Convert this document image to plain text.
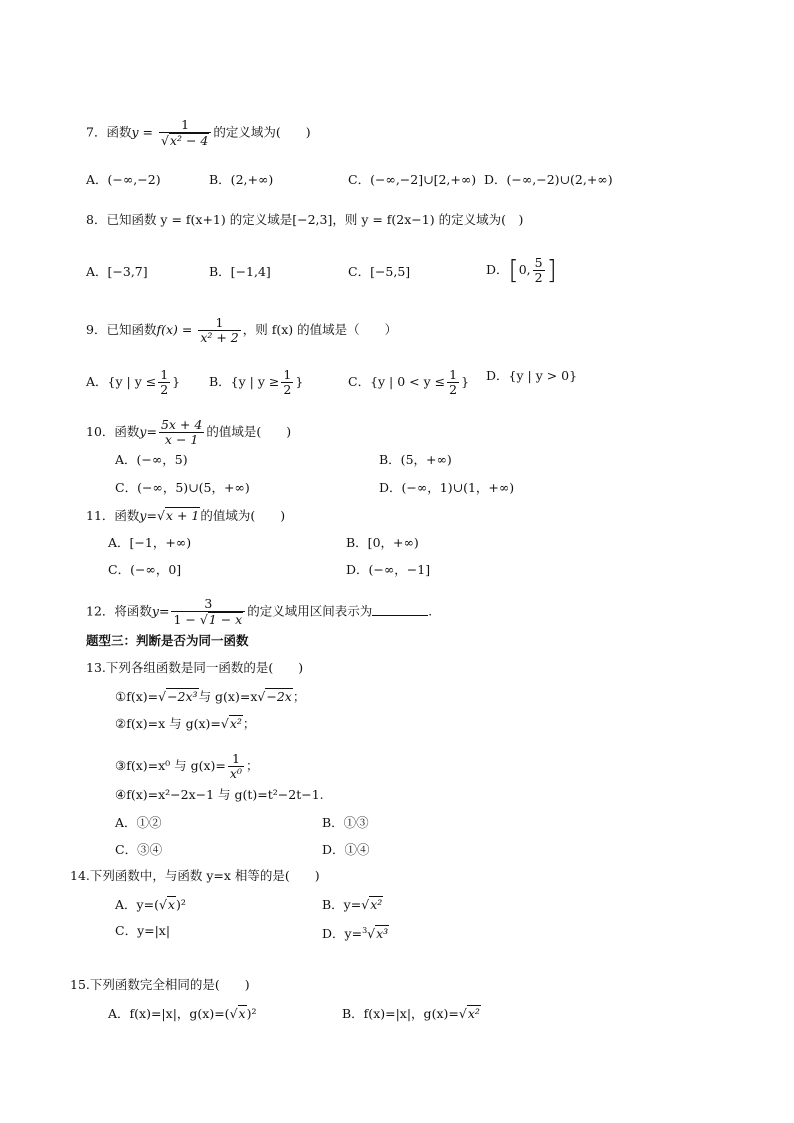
7．函数$y = \frac{1}{\text{√x² − 4}}$ 的定义域为(　　)
A．(−∞,−2)	B．(2,+∞)	C．(−∞,−2]∪[2,+∞) D．(−∞,−2)∪(2,+∞)
8．已知函数 y = f(x+1) 的定义域是[−2,3]，则 y = f(2x−1) 的定义域为(　)
A．[−3,7]	B．[−1,4]	C．[−5,5]	D．[0, $\frac{5}{2}$ ]
9．已知函数$f(x) = \frac{1}{\text{x² + 2}}$ ，则 f(x) 的值域是（　　）
A．{y | $y \le \frac{1}{2}$ } B．{y | $y \ge \frac{1}{2}$ }	C．{y | $0 < y \le \frac{1}{2}$ } D．{y | y > 0}
10．函数$y= \frac{5x + 4}{x - 1}$ 的值域是(　　)
A．(−∞，5)	B．(5，+∞)
C．(−∞，5)∪(5，+∞)	D．(−∞，1)∪(1，+∞)
11．函数y=√x + 1的值域为(　　)
A．[−1，+∞)	B．[0，+∞)
C．(−∞，0]	D．(−∞，−1]
12．将函数$y= \frac{3}{1 - √1 - x}$ 的定义域用区间表示为	.
题型三：判断是否为同一函数
13.下列各组函数是同一函数的是(　　)
①f(x)=√−2x³与 g(x)=x√−2x；
②f(x)=x 与 g(x)=√x²；
③f(x)=x⁰ 与 $g(x)= \frac{1}{\text{x⁰}}$ ；
④f(x)=x²−2x−1 与 g(t)=t²−2t−1.
A．①②	B．①③
C．③④	D．①④
14.下列函数中，与函数 y=x 相等的是(　　)
A．y=(√x)²	B．y=√x²
C．y=|x|	D．y=$^3$√x³
15.下列函数完全相同的是(　　)
A．f(x)=|x|，g(x)=(√x)²	B．f(x)=|x|，g(x)=√x²
